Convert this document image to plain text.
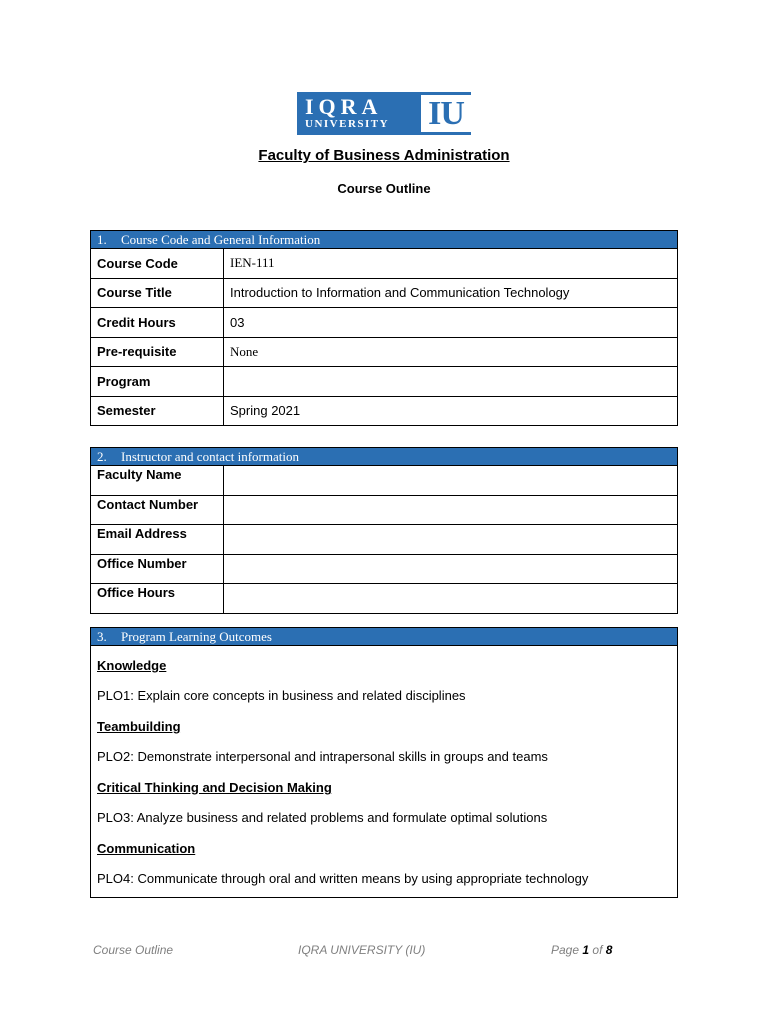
IQRA
UNIVERSITY	IU
Faculty of Business Administration
Course Outline
1. Course Code and General Information	
Course Code	IEN-111
Course Title	Introduction to Information and Communication Technology
Credit Hours	03
Pre-requisite	None
Program	
Semester	Spring 2021
2. Instructor and contact information	
Faculty Name	
Contact Number	
Email Address	
Office Number	
Office Hours	
3. Program Learning Outcomes

Knowledge

PLO1: Explain core concepts in business and related disciplines

Teambuilding

PLO2: Demonstrate interpersonal and intrapersonal skills in groups and teams

Critical Thinking and Decision Making

PLO3: Analyze business and related problems and formulate optimal solutions

Communication

PLO4: Communicate through oral and written means by using appropriate technology

Course Outline	IQRA UNIVERSITY (IU)	Page 1 of 8
